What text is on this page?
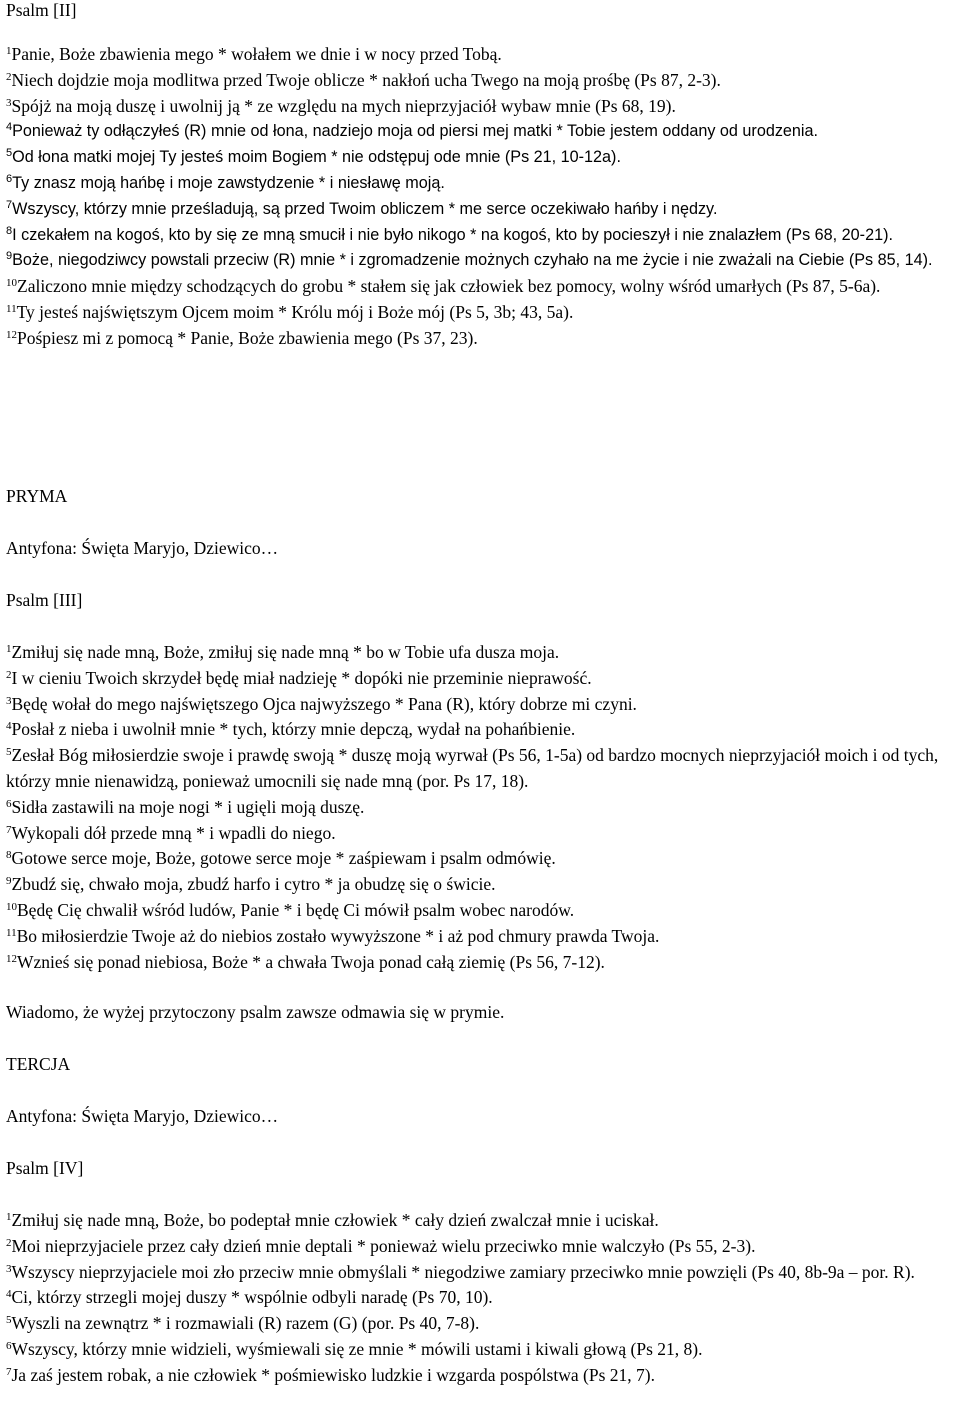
Psalm [II]

$^1$Panie, Boże zbawienia mego * wołałem we dnie i w nocy przed Tobą.

$^2$Niech dojdzie moja modlitwa przed Twoje oblicze * nakłoń ucha Twego na moją prośbę (Ps 87, 2-3).

$^3$Spójż na moją duszę i uwolnij ją * ze względu na mych nieprzyjaciół wybaw mnie (Ps 68, 19).

$^4$Ponieważ ty odłączyłeś (R) mnie od łona, nadziejo moja od piersi mej matki * Tobie jestem oddany od urodzenia.

$^5$Od łona matki mojej Ty jesteś moim Bogiem * nie odstępuj ode mnie (Ps 21, 10-12a).

$^6$Ty znasz moją hańbę i moje zawstydzenie * i niesławę moją.

$^7$Wszyscy, którzy mnie prześladują, są przed Twoim obliczem * me serce oczekiwało hańby i nędzy.

$^8$I czekałem na kogoś, kto by się ze mną smucił i nie było nikogo * na kogoś, kto by pocieszył i nie znalazłem (Ps 68, 20-21).

$^9$Boże, niegodziwcy powstali przeciw (R) mnie * i zgromadzenie możnych czyhało na me życie i nie zważali na Ciebie (Ps 85, 14).

$^{10}$Zaliczono mnie między schodzących do grobu * stałem się jak człowiek bez pomocy, wolny wśród umarłych (Ps 87, 5-6a).

$^{11}$Ty jesteś najświętszym Ojcem moim * Królu mój i Boże mój (Ps 5, 3b; 43, 5a).

$^{12}$Pośpiesz mi z pomocą * Panie, Boże zbawienia mego (Ps 37, 23).

PRYMA

Antyfona: Święta Maryjo, Dziewico…

Psalm [III]

$^1$Zmiłuj się nade mną, Boże, zmiłuj się nade mną * bo w Tobie ufa dusza moja.

$^2$I w cieniu Twoich skrzydeł będę miał nadzieję * dopóki nie przeminie nieprawość.

$^3$Będę wołał do mego najświętszego Ojca najwyższego * Pana (R), który dobrze mi czyni.

$^4$Posłał z nieba i uwolnił mnie * tych, którzy mnie depczą, wydał na pohańbienie.

$^5$Zesłał Bóg miłosierdzie swoje i prawdę swoją * duszę moją wyrwał (Ps 56, 1-5a) od bardzo mocnych nieprzyjaciół moich i od tych, którzy mnie nienawidzą, ponieważ umocnili się nade mną (por. Ps 17, 18).

$^6$Sidła zastawili na moje nogi * i ugięli moją duszę.

$^7$Wykopali dół przede mną * i wpadli do niego.

$^8$Gotowe serce moje, Boże, gotowe serce moje * zaśpiewam i psalm odmówię.

$^9$Zbudź się, chwało moja, zbudź harfo i cytro * ja obudzę się o świcie.

$^{10}$Będę Cię chwalił wśród ludów, Panie * i będę Ci mówił psalm wobec narodów.

$^{11}$Bo miłosierdzie Twoje aż do niebios zostało wywyższone * i aż pod chmury prawda Twoja.

$^{12}$Wznieś się ponad niebiosa, Boże * a chwała Twoja ponad całą ziemię (Ps 56, 7-12).

Wiadomo, że wyżej przytoczony psalm zawsze odmawia się w prymie.

TERCJA

Antyfona: Święta Maryjo, Dziewico…

Psalm [IV]

$^1$Zmiłuj się nade mną, Boże, bo podeptał mnie człowiek * cały dzień zwalczał mnie i uciskał.

$^2$Moi nieprzyjaciele przez cały dzień mnie deptali * ponieważ wielu przeciwko mnie walczyło (Ps 55, 2-3).

$^3$Wszyscy nieprzyjaciele moi zło przeciw mnie obmyślali * niegodziwe zamiary przeciwko mnie powzięli (Ps 40, 8b-9a – por. R).

$^4$Ci, którzy strzegli mojej duszy * wspólnie odbyli naradę (Ps 70, 10).

$^5$Wyszli na zewnątrz * i rozmawiali (R) razem (G) (por. Ps 40, 7-8).

$^6$Wszyscy, którzy mnie widzieli, wyśmiewali się ze mnie * mówili ustami i kiwali głową (Ps 21, 8).

$^7$Ja zaś jestem robak, a nie człowiek * pośmiewisko ludzkie i wzgarda pospólstwa (Ps 21, 7).
